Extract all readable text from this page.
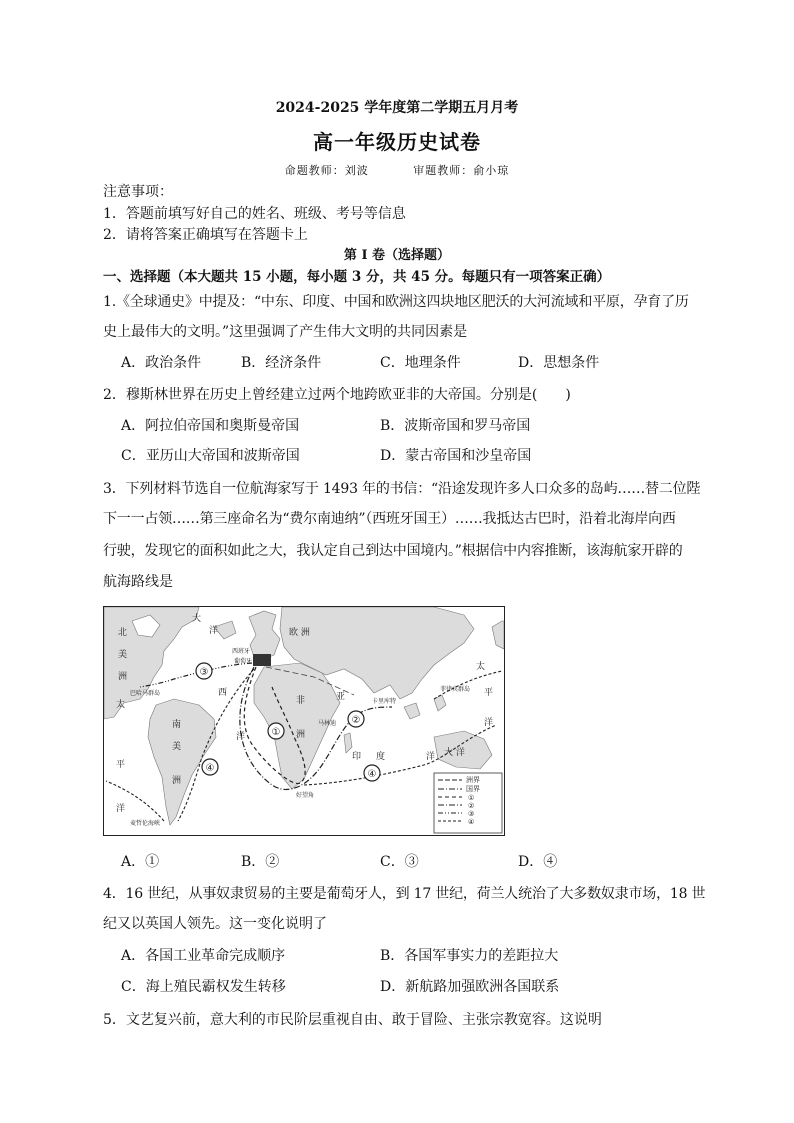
2024-2025 学年度第二学期五月月考
高一年级历史试卷
命题教师：刘波	审题教师：俞小琼
注意事项：
1．答题前填写好自己的姓名、班级、考号等信息
2．请将答案正确填写在答题卡上
第 I 卷（选择题）
一、选择题（本大题共 15 小题，每小题 3 分，共 45 分。每题只有一项答案正确）
1.《全球通史》中提及：“中东、印度、中国和欧洲这四块地区肥沃的大河流域和平原，孕育了历
史上最伟大的文明。”这里强调了产生伟大文明的共同因素是
A．政治条件	B．经济条件	C．地理条件	D．思想条件
2．穆斯林世界在历史上曾经建立过两个地跨欧亚非的大帝国。分别是(　　)
A．阿拉伯帝国和奥斯曼帝国	B．波斯帝国和罗马帝国
C．亚历山大帝国和波斯帝国	D．蒙古帝国和沙皇帝国
3．下列材料节选自一位航海家写于 1493 年的书信：“沿途发现许多人口众多的岛屿……替二位陛
下一一占领……第三座命名为“费尔南迪纳”（西班牙国王）……我抵达古巴时，沿着北海岸向西
行驶，发现它的面积如此之大，我认定自己到达中国境内。”根据信中内容推断，该海航家开辟的
航海路线是
①
②
③
④
④
北
美
洲
太
平
洋
大
洋
西
洋
南
美
洲
欧 洲
亚
非
洲
印 度	洋 大 洋
太
平
洋
西班牙
葡萄牙
巴哈马群岛
卡里库特
马林迪
好望角
菲律宾群岛
麦哲伦海峡
洲界
国界
①
②
③
④
A．①	B．②	C．③	D．④
4．16 世纪，从事奴隶贸易的主要是葡萄牙人，到 17 世纪，荷兰人统治了大多数奴隶市场，18 世
纪又以英国人领先。这一变化说明了
A．各国工业革命完成顺序	B．各国军事实力的差距拉大
C．海上殖民霸权发生转移	D．新航路加强欧洲各国联系
5．文艺复兴前，意大利的市民阶层重视自由、敢于冒险、主张宗教宽容。这说明
